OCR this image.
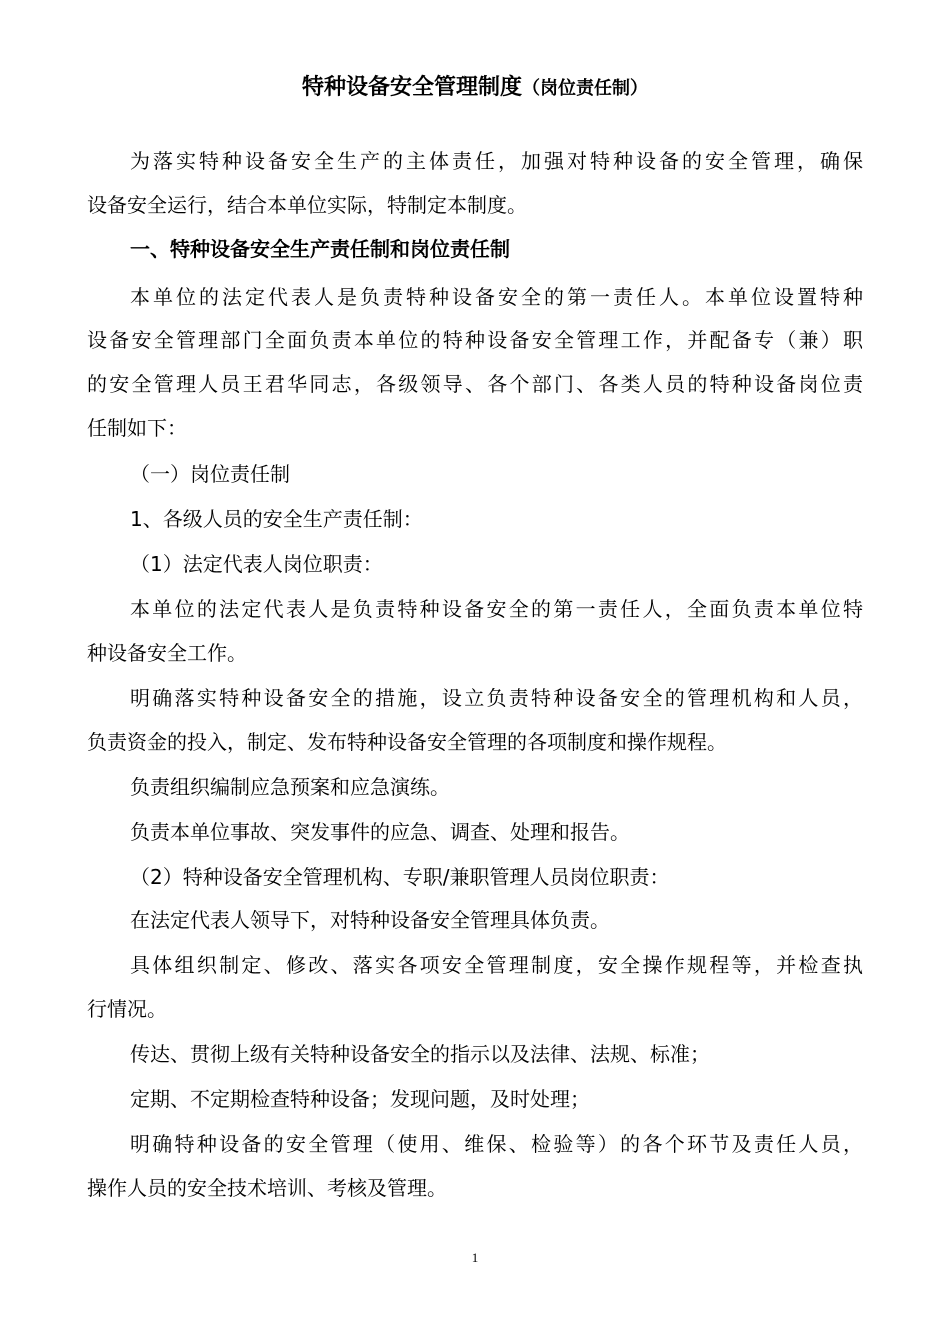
特种设备安全管理制度（岗位责任制）
为落实特种设备安全生产的主体责任，加强对特种设备的安全管理，确保
设备安全运行，结合本单位实际，特制定本制度。
一、特种设备安全生产责任制和岗位责任制
本单位的法定代表人是负责特种设备安全的第一责任人。本单位设置特种
设备安全管理部门全面负责本单位的特种设备安全管理工作，并配备专（兼）职
的安全管理人员王君华同志，各级领导、各个部门、各类人员的特种设备岗位责
任制如下：
（一）岗位责任制
1、各级人员的安全生产责任制：
（1）法定代表人岗位职责：
本单位的法定代表人是负责特种设备安全的第一责任人，全面负责本单位特
种设备安全工作。
明确落实特种设备安全的措施，设立负责特种设备安全的管理机构和人员，
负责资金的投入，制定、发布特种设备安全管理的各项制度和操作规程。
负责组织编制应急预案和应急演练。
负责本单位事故、突发事件的应急、调查、处理和报告。
（2）特种设备安全管理机构、专职/兼职管理人员岗位职责：
在法定代表人领导下，对特种设备安全管理具体负责。
具体组织制定、修改、落实各项安全管理制度，安全操作规程等，并检查执
行情况。
传达、贯彻上级有关特种设备安全的指示以及法律、法规、标准；
定期、不定期检查特种设备；发现问题，及时处理；
明确特种设备的安全管理（使用、维保、检验等）的各个环节及责任人员，
操作人员的安全技术培训、考核及管理。
1
